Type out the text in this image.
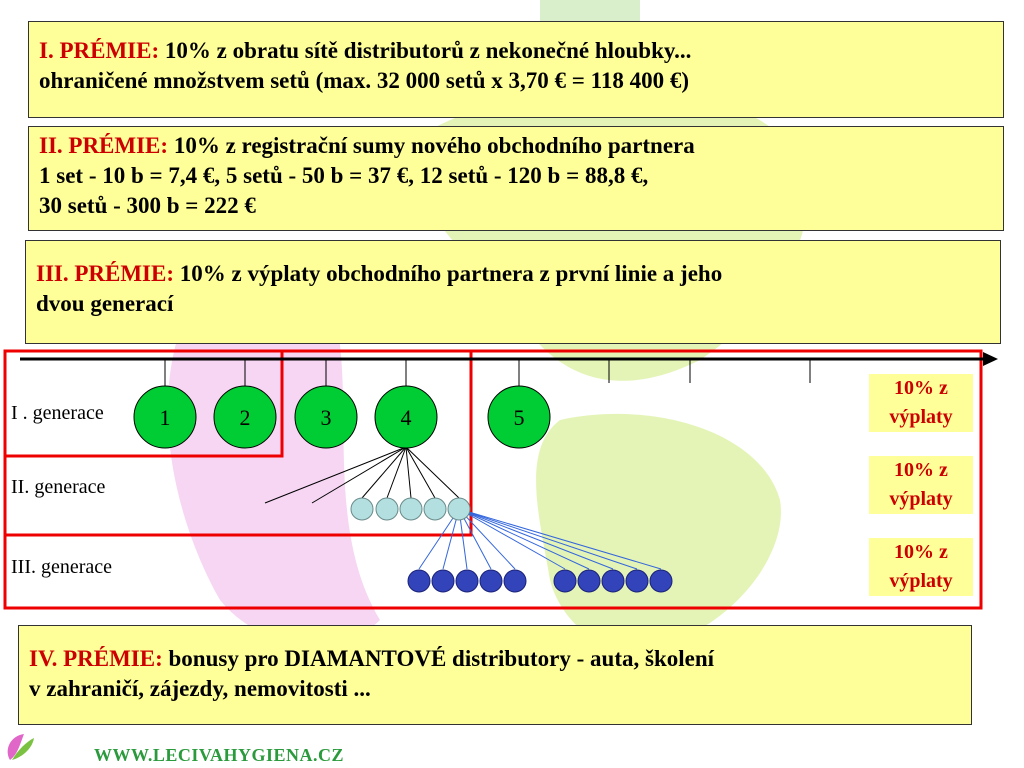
I. PRÉMIE: 10% z obratu sítě distributorů z nekonečné hloubky...
ohraničené množstvem setů (max. 32 000 setů x 3,70 € = 118 400 €)
II. PRÉMIE: 10% z registrační sumy nového obchodního partnera
1 set - 10 b = 7,4 €, 5 setů - 50 b = 37 €, 12 setů - 120 b = 88,8 €,
30 setů - 300 b = 222 €
III. PRÉMIE: 10% z výplaty obchodního partnera z první linie a jeho
dvou generací
IV. PRÉMIE: bonusy pro DIAMANTOVÉ distributory - auta, školení
v zahraničí, zájezdy, nemovitosti ...
1	2	3	4	5
I . generace
II. generace
III. generace
10% z
výplaty
10% z
výplaty
10% z
výplaty
WWW.LECIVAHYGIENA.CZ
